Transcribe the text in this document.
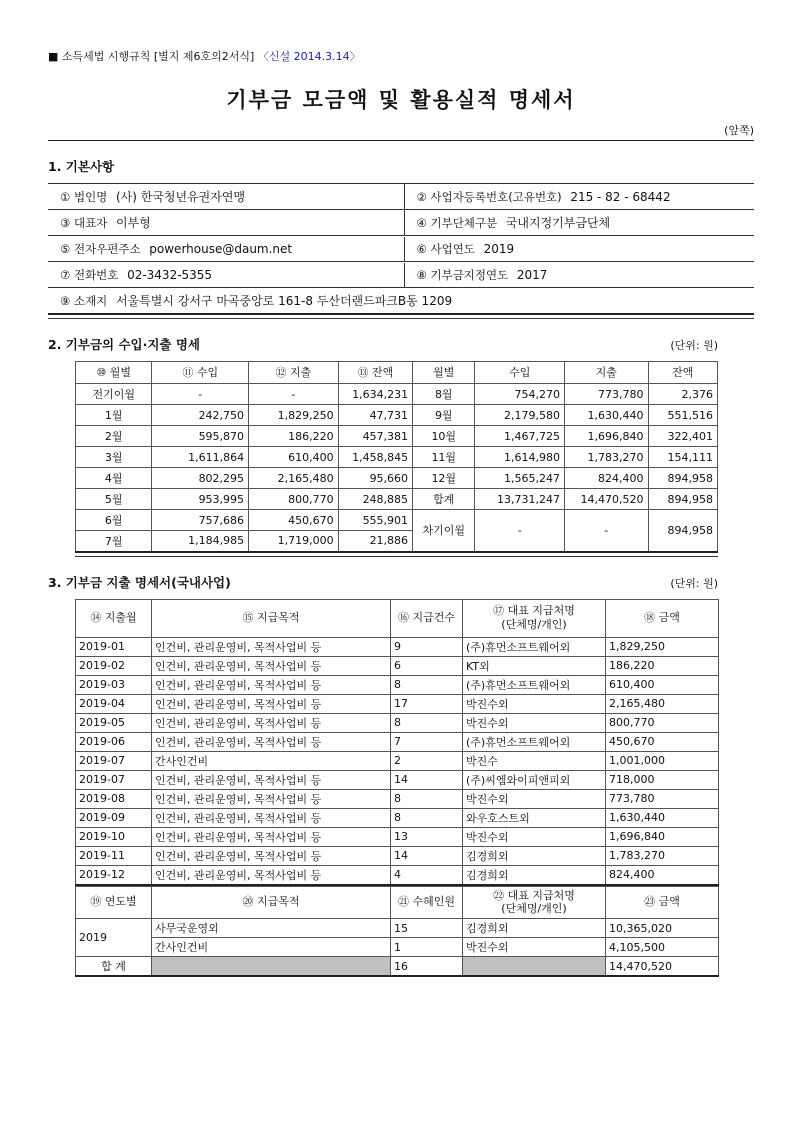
■ 소득세법 시행규칙 [별지 제6호의2서식] 〈신설 2014.3.14〉
기부금 모금액 및 활용실적 명세서
(앞쪽)
1. 기본사항
① 법인명 (사) 한국청년유권자연맹	② 사업자등록번호(고유번호) 215 - 82 - 68442
③ 대표자 이부형	④ 기부단체구분 국내지정기부금단체
⑤ 전자우편주소 powerhouse@daum.net	⑥ 사업연도 2019
⑦ 전화번호 02-3432-5355	⑧ 기부금지정연도 2017
⑨ 소재지 서울특별시 강서구 마곡중앙로 161-8 두산더랜드파크B동 1209
2. 기부금의 수입·지출 명세	(단위: 원)
⑩ 월별	⑪ 수입	⑫ 지출	⑬ 잔액	월별	수입	지출	잔액
전기이월	-	-	1,634,231	8월	754,270	773,780	2,376
1월	242,750	1,829,250	47,731	9월	2,179,580	1,630,440	551,516
2월	595,870	186,220	457,381	10월	1,467,725	1,696,840	322,401
3월	1,611,864	610,400	1,458,845	11월	1,614,980	1,783,270	154,111
4월	802,295	2,165,480	95,660	12월	1,565,247	824,400	894,958
5월	953,995	800,770	248,885	합계	13,731,247	14,470,520	894,958
6월	757,686	450,670	555,901	차기이월	-	-	894,958
7월	1,184,985	1,719,000	21,886				
3. 기부금 지출 명세서(국내사업)	(단위: 원)
⑭ 지출월	⑮ 지급목적	⑯ 지급건수	⑰ 대표 지급처명
(단체명/개인)	⑱ 금액
2019-01	인건비, 관리운영비, 목적사업비 등	9	(주)휴먼소프트웨어외	1,829,250
2019-02	인건비, 관리운영비, 목적사업비 등	6	KT외	186,220
2019-03	인건비, 관리운영비, 목적사업비 등	8	(주)휴먼소프트웨어외	610,400
2019-04	인건비, 관리운영비, 목적사업비 등	17	박진수외	2,165,480
2019-05	인건비, 관리운영비, 목적사업비 등	8	박진수외	800,770
2019-06	인건비, 관리운영비, 목적사업비 등	7	(주)휴먼소프트웨어외	450,670
2019-07	간사인건비	2	박진수	1,001,000
2019-07	인건비, 관리운영비, 목적사업비 등	14	(주)씨엠와이피앤피외	718,000
2019-08	인건비, 관리운영비, 목적사업비 등	8	박진수외	773,780
2019-09	인건비, 관리운영비, 목적사업비 등	8	와우호스트외	1,630,440
2019-10	인건비, 관리운영비, 목적사업비 등	13	박진수외	1,696,840
2019-11	인건비, 관리운영비, 목적사업비 등	14	김경희외	1,783,270
2019-12	인건비, 관리운영비, 목적사업비 등	4	김경희외	824,400
⑲ 연도별	⑳ 지급목적	㉑ 수혜인원	㉒ 대표 지급처명
(단체명/개인)	㉓ 금액
2019	사무국운영외	15	김경희외	10,365,020
	간사인건비	1	박진수외	4,105,500
합 계		16		14,470,520
